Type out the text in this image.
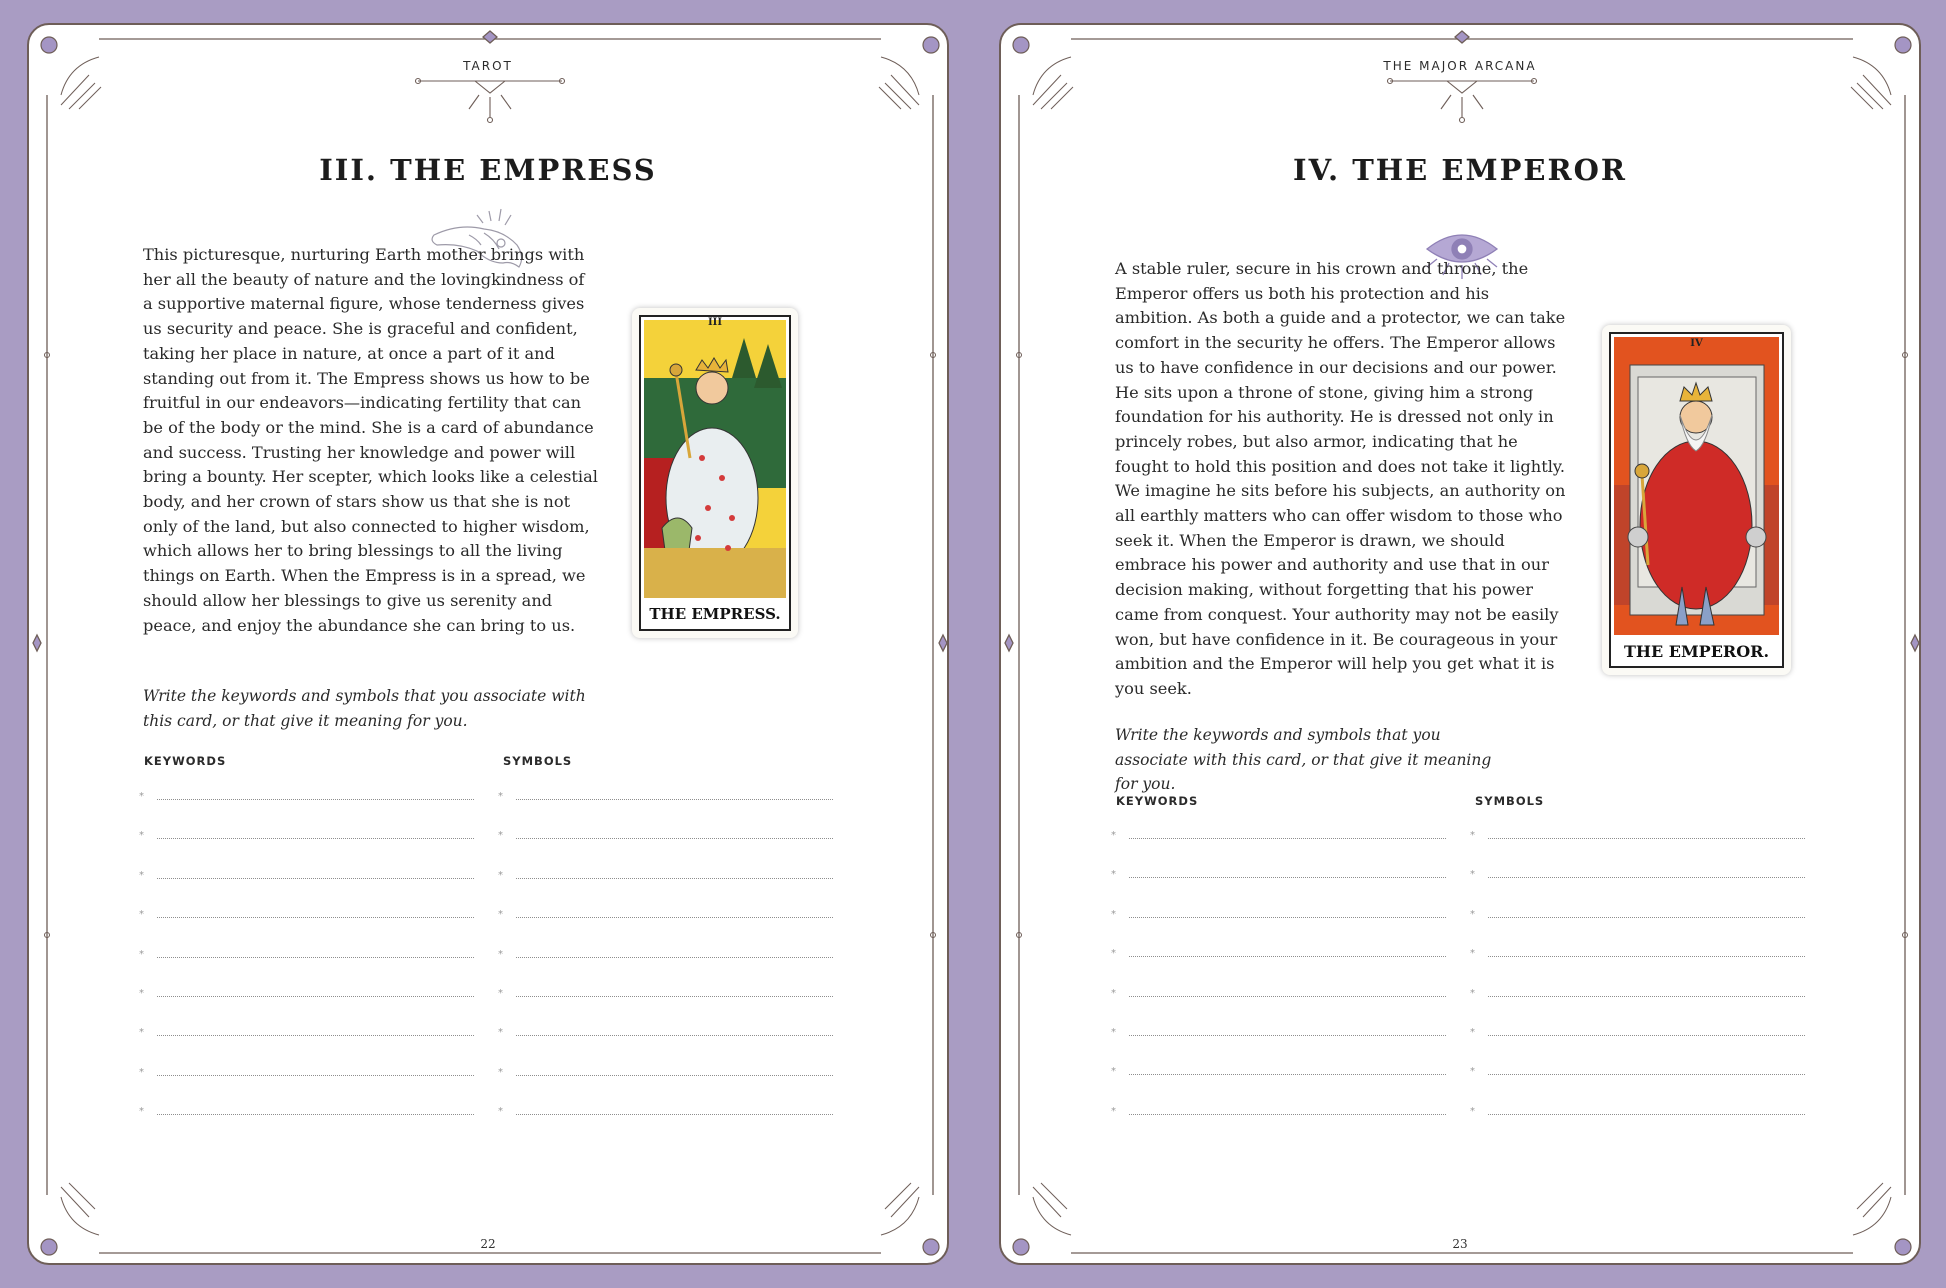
TAROT
III. THE EMPRESS

This picturesque, nurturing Earth mother brings with her all the beauty of nature and the lovingkindness of a supportive maternal figure, whose tenderness gives us security and peace. She is graceful and confident, taking her place in nature, at once a part of it and standing out from it. The Empress shows us how to be fruitful in our endeavors—indicating fertility that can be of the body or the mind. She is a card of abundance and success. Trusting her knowledge and power will bring a bounty. Her scepter, which looks like a celestial body, and her crown of stars show us that she is not only of the land, but also connected to higher wisdom, which allows her to bring blessings to all the living things on Earth. When the Empress is in a spread, we should allow her blessings to give us serenity and peace, and enjoy the abundance she can bring to us.

III
THE EMPRESS.

Write the keywords and symbols that you associate with this card, or that give it meaning for you.

KEYWORDS	SYMBOLS
*
*
*
*
*
*
*
*
*
*
*
*
*
*
*
*
*
*
22
THE MAJOR ARCANA
IV. THE EMPEROR

A stable ruler, secure in his crown and throne, the Emperor offers us both his protection and his ambition. As both a guide and a protector, we can take comfort in the security he offers. The Emperor allows us to have confidence in our decisions and our power. He sits upon a throne of stone, giving him a strong foundation for his authority. He is dressed not only in princely robes, but also armor, indicating that he fought to hold this position and does not take it lightly. We imagine he sits before his subjects, an authority on all earthly matters who can offer wisdom to those who seek it. When the Emperor is drawn, we should embrace his power and authority and use that in our decision making, without forgetting that his power came from conquest. Your authority may not be easily won, but have confidence in it. Be courageous in your ambition and the Emperor will help you get what it is you seek.

IV
THE EMPEROR.

Write the keywords and symbols that you associate with this card, or that give it meaning for you.

KEYWORDS	SYMBOLS
*
*
*
*
*
*
*
*
*
*
*
*
*
*
*
*
23
